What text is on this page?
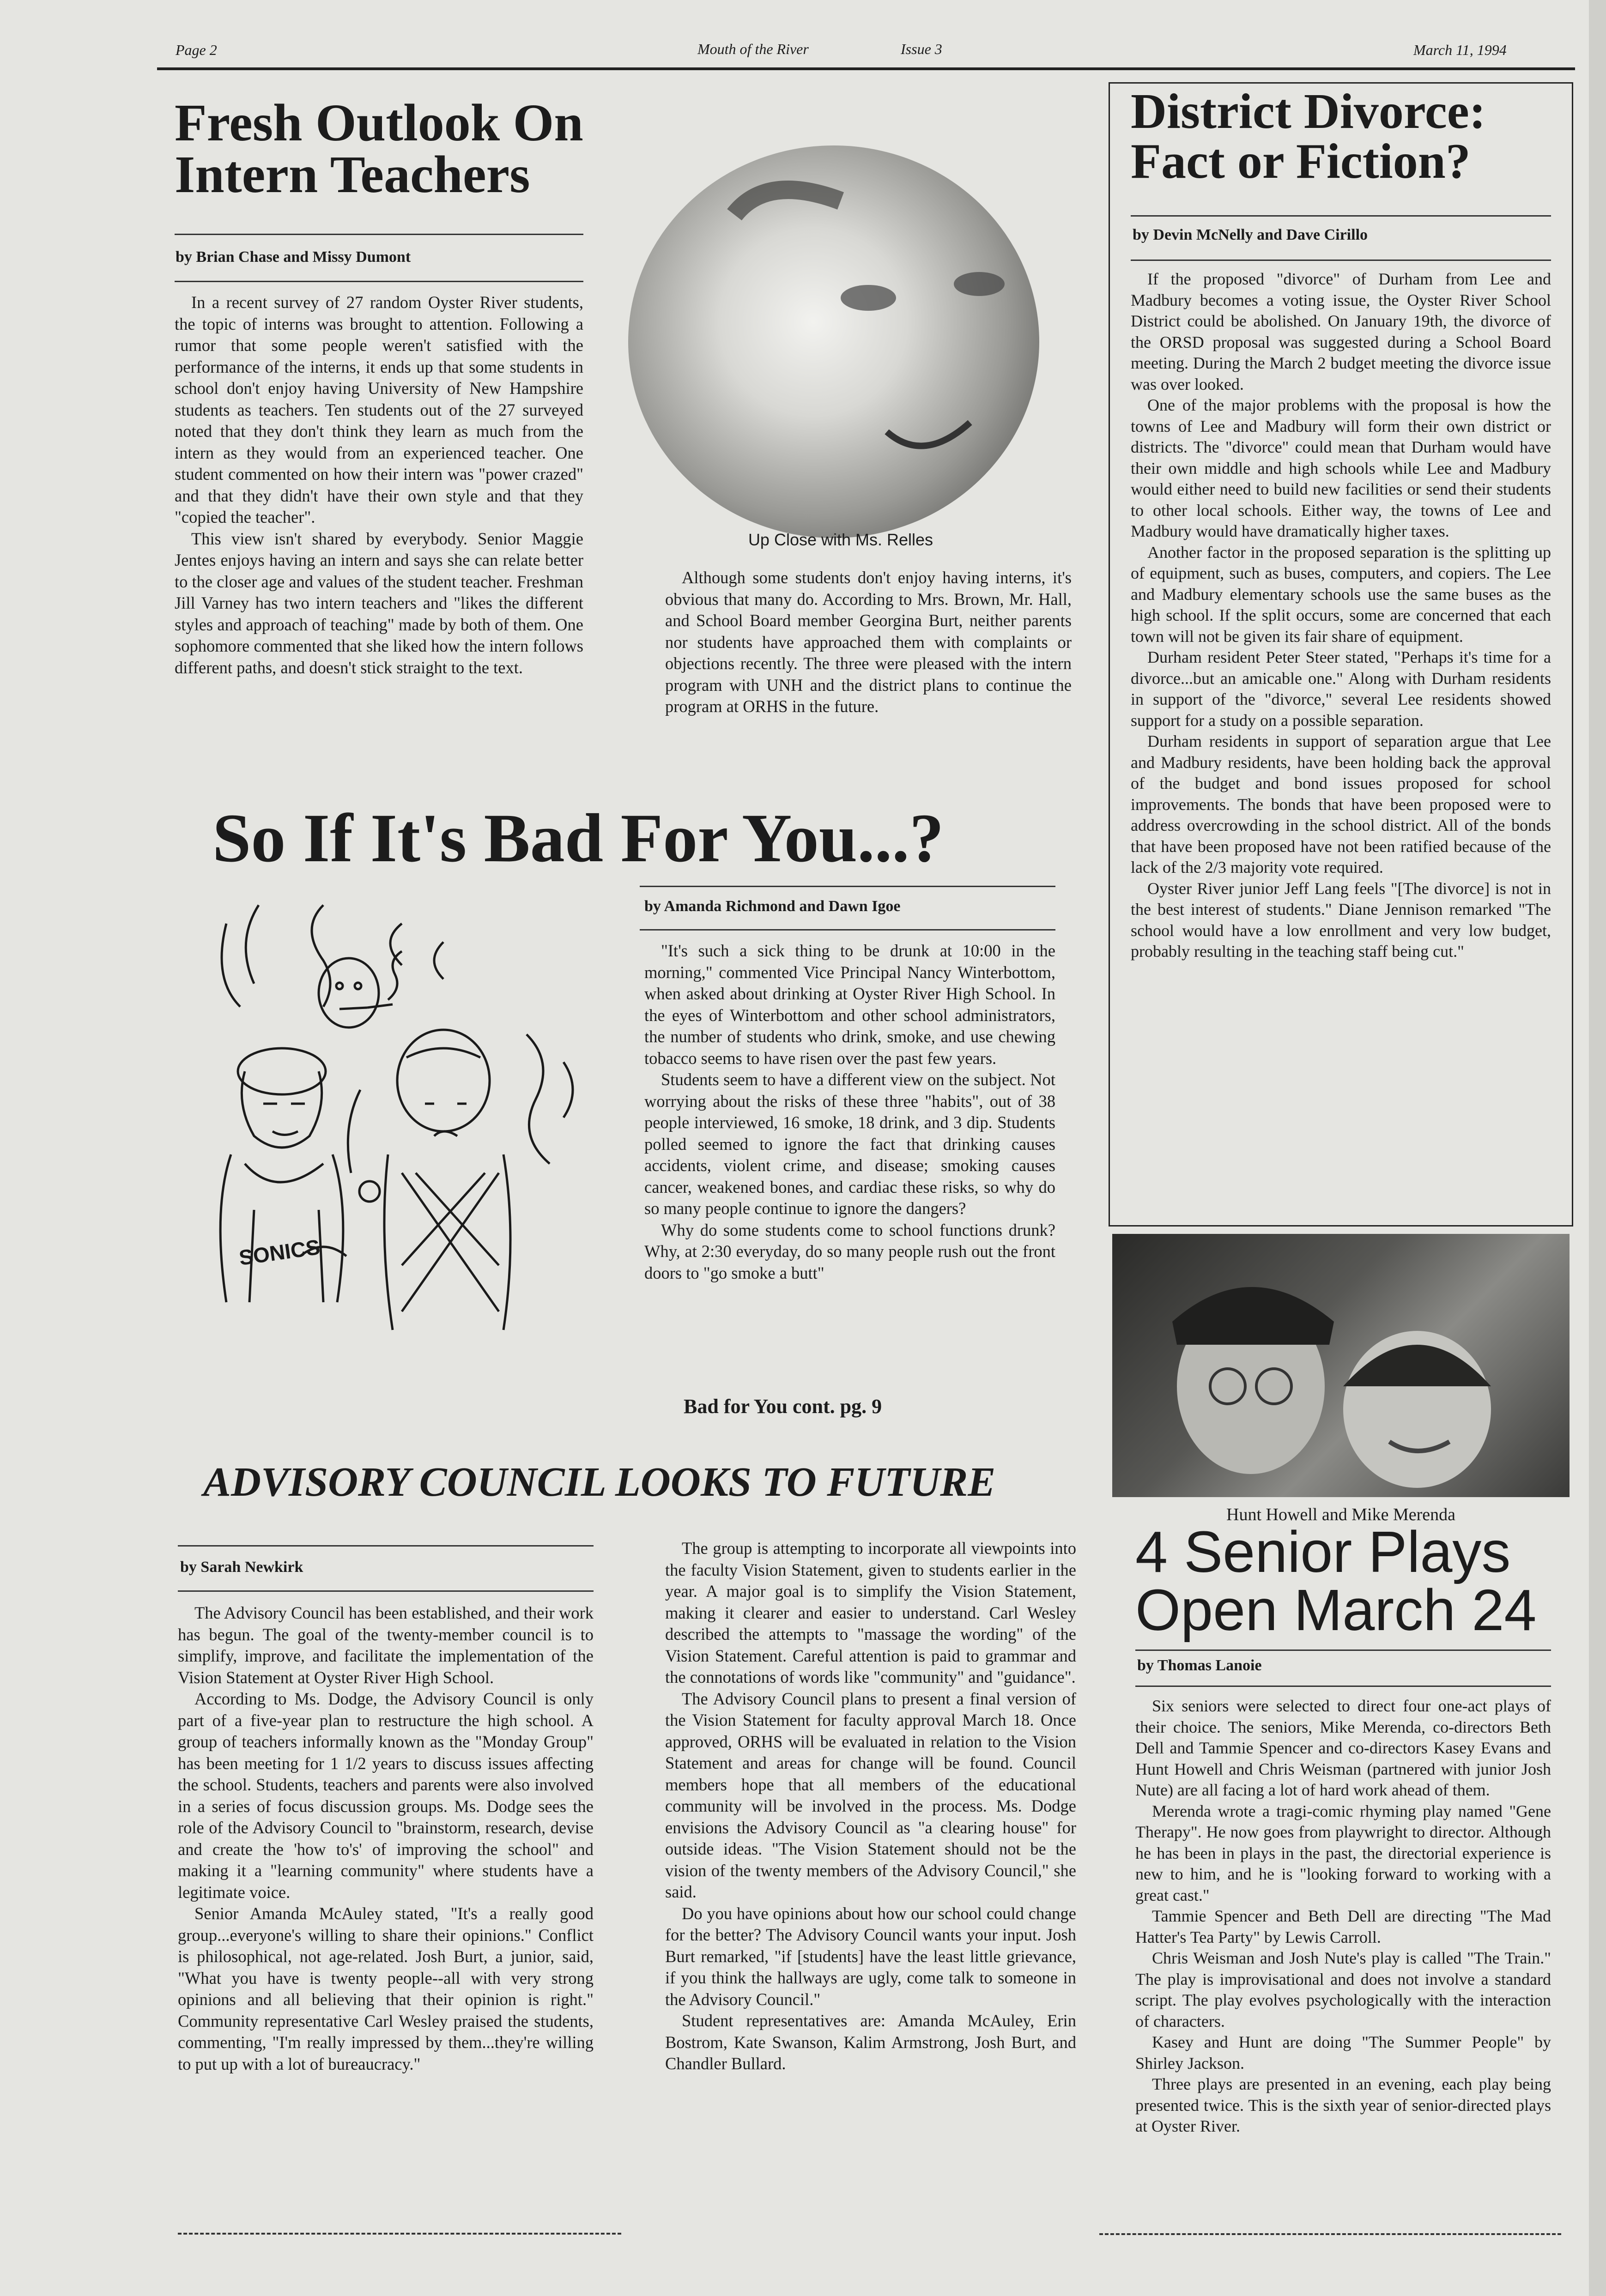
Page 2	Mouth of the River	Issue 3	March 11, 1994
Fresh Outlook On Intern Teachers
by Brian Chase and Missy Dumont

In a recent survey of 27 random Oyster River students, the topic of interns was brought to attention. Following a rumor that some people weren't satisfied with the performance of the interns, it ends up that some students in school don't enjoy having University of New Hampshire students as teachers. Ten students out of the 27 surveyed noted that they don't think they learn as much from the intern as they would from an experienced teacher. One student commented on how their intern was "power crazed" and that they didn't have their own style and that they "copied the teacher".

This view isn't shared by everybody. Senior Maggie Jentes enjoys having an intern and says she can relate better to the closer age and values of the student teacher. Freshman Jill Varney has two intern teachers and "likes the different styles and approach of teaching" made by both of them. One sophomore commented that she liked how the intern follows different paths, and doesn't stick straight to the text.

Up Close with Ms. Relles

Although some students don't enjoy having interns, it's obvious that many do. According to Mrs. Brown, Mr. Hall, and School Board member Georgina Burt, neither parents nor students have approached them with complaints or objections recently. The three were pleased with the intern program with UNH and the district plans to continue the program at ORHS in the future.

District Divorce: Fact or Fiction?
by Devin McNelly and Dave Cirillo

If the proposed "divorce" of Durham from Lee and Madbury becomes a voting issue, the Oyster River School District could be abolished. On January 19th, the divorce of the ORSD proposal was suggested during a School Board meeting. During the March 2 budget meeting the divorce issue was over looked.

One of the major problems with the proposal is how the towns of Lee and Madbury will form their own district or districts. The "divorce" could mean that Durham would have their own middle and high schools while Lee and Madbury would either need to build new facilities or send their students to other local schools. Either way, the towns of Lee and Madbury would have dramatically higher taxes.

Another factor in the proposed separation is the splitting up of equipment, such as buses, computers, and copiers. The Lee and Madbury elementary schools use the same buses as the high school. If the split occurs, some are concerned that each town will not be given its fair share of equipment.

Durham resident Peter Steer stated, "Perhaps it's time for a divorce...but an amicable one." Along with Durham residents in support of the "divorce," several Lee residents showed support for a study on a possible separation.

Durham residents in support of separation argue that Lee and Madbury residents, have been holding back the approval of the budget and bond issues proposed for school improvements. The bonds that have been proposed were to address overcrowding in the school district. All of the bonds that have been proposed have not been ratified because of the lack of the 2/3 majority vote required.

Oyster River junior Jeff Lang feels "[The divorce] is not in the best interest of students." Diane Jennison remarked "The school would have a low enrollment and very low budget, probably resulting in the teaching staff being cut."

So If It's Bad For You...?
by Amanda Richmond and Dawn Igoe
SONICS

"It's such a sick thing to be drunk at 10:00 in the morning," commented Vice Principal Nancy Winterbottom, when asked about drinking at Oyster River High School. In the eyes of Winterbottom and other school administrators, the number of students who drink, smoke, and use chewing tobacco seems to have risen over the past few years.

Students seem to have a different view on the subject. Not worrying about the risks of these three "habits", out of 38 people interviewed, 16 smoke, 18 drink, and 3 dip. Students polled seemed to ignore the fact that drinking causes accidents, violent crime, and disease; smoking causes cancer, weakened bones, and cardiac these risks, so why do so many people continue to ignore the dangers?

Why do some students come to school functions drunk? Why, at 2:30 everyday, do so many people rush out the front doors to "go smoke a butt"

Bad for You cont. pg. 9
Hunt Howell and Mike Merenda
4 Senior Plays Open March 24
by Thomas Lanoie

Six seniors were selected to direct four one-act plays of their choice. The seniors, Mike Merenda, co-directors Beth Dell and Tammie Spencer and co-directors Kasey Evans and Hunt Howell and Chris Weisman (partnered with junior Josh Nute) are all facing a lot of hard work ahead of them.

Merenda wrote a tragi-comic rhyming play named "Gene Therapy". He now goes from playwright to director. Although he has been in plays in the past, the directorial experience is new to him, and he is "looking forward to working with a great cast."

Tammie Spencer and Beth Dell are directing "The Mad Hatter's Tea Party" by Lewis Carroll.

Chris Weisman and Josh Nute's play is called "The Train." The play is improvisational and does not involve a standard script. The play evolves psychologically with the interaction of characters.

Kasey and Hunt are doing "The Summer People" by Shirley Jackson.

Three plays are presented in an evening, each play being presented twice. This is the sixth year of senior-directed plays at Oyster River.

ADVISORY COUNCIL LOOKS TO FUTURE
by Sarah Newkirk

The Advisory Council has been established, and their work has begun. The goal of the twenty-member council is to simplify, improve, and facilitate the implementation of the Vision Statement at Oyster River High School.

According to Ms. Dodge, the Advisory Council is only part of a five-year plan to restructure the high school. A group of teachers informally known as the "Monday Group" has been meeting for 1 1/2 years to discuss issues affecting the school. Students, teachers and parents were also involved in a series of focus discussion groups. Ms. Dodge sees the role of the Advisory Council to "brainstorm, research, devise and create the 'how to's' of improving the school" and making it a "learning community" where students have a legitimate voice.

Senior Amanda McAuley stated, "It's a really good group...everyone's willing to share their opinions." Conflict is philosophical, not age-related. Josh Burt, a junior, said, "What you have is twenty people--all with very strong opinions and all believing that their opinion is right." Community representative Carl Wesley praised the students, commenting, "I'm really impressed by them...they're willing to put up with a lot of bureaucracy."

The group is attempting to incorporate all viewpoints into the faculty Vision Statement, given to students earlier in the year. A major goal is to simplify the Vision Statement, making it clearer and easier to understand. Carl Wesley described the attempts to "massage the wording" of the Vision Statement. Careful attention is paid to grammar and the connotations of words like "community" and "guidance".

The Advisory Council plans to present a final version of the Vision Statement for faculty approval March 18. Once approved, ORHS will be evaluated in relation to the Vision Statement and areas for change will be found. Council members hope that all members of the educational community will be involved in the process. Ms. Dodge envisions the Advisory Council as "a clearing house" for outside ideas. "The Vision Statement should not be the vision of the twenty members of the Advisory Council," she said.

Do you have opinions about how our school could change for the better? The Advisory Council wants your input. Josh Burt remarked, "if [students] have the least little grievance, if you think the hallways are ugly, come talk to someone in the Advisory Council."

Student representatives are: Amanda McAuley, Erin Bostrom, Kate Swanson, Kalim Armstrong, Josh Burt, and Chandler Bullard.
